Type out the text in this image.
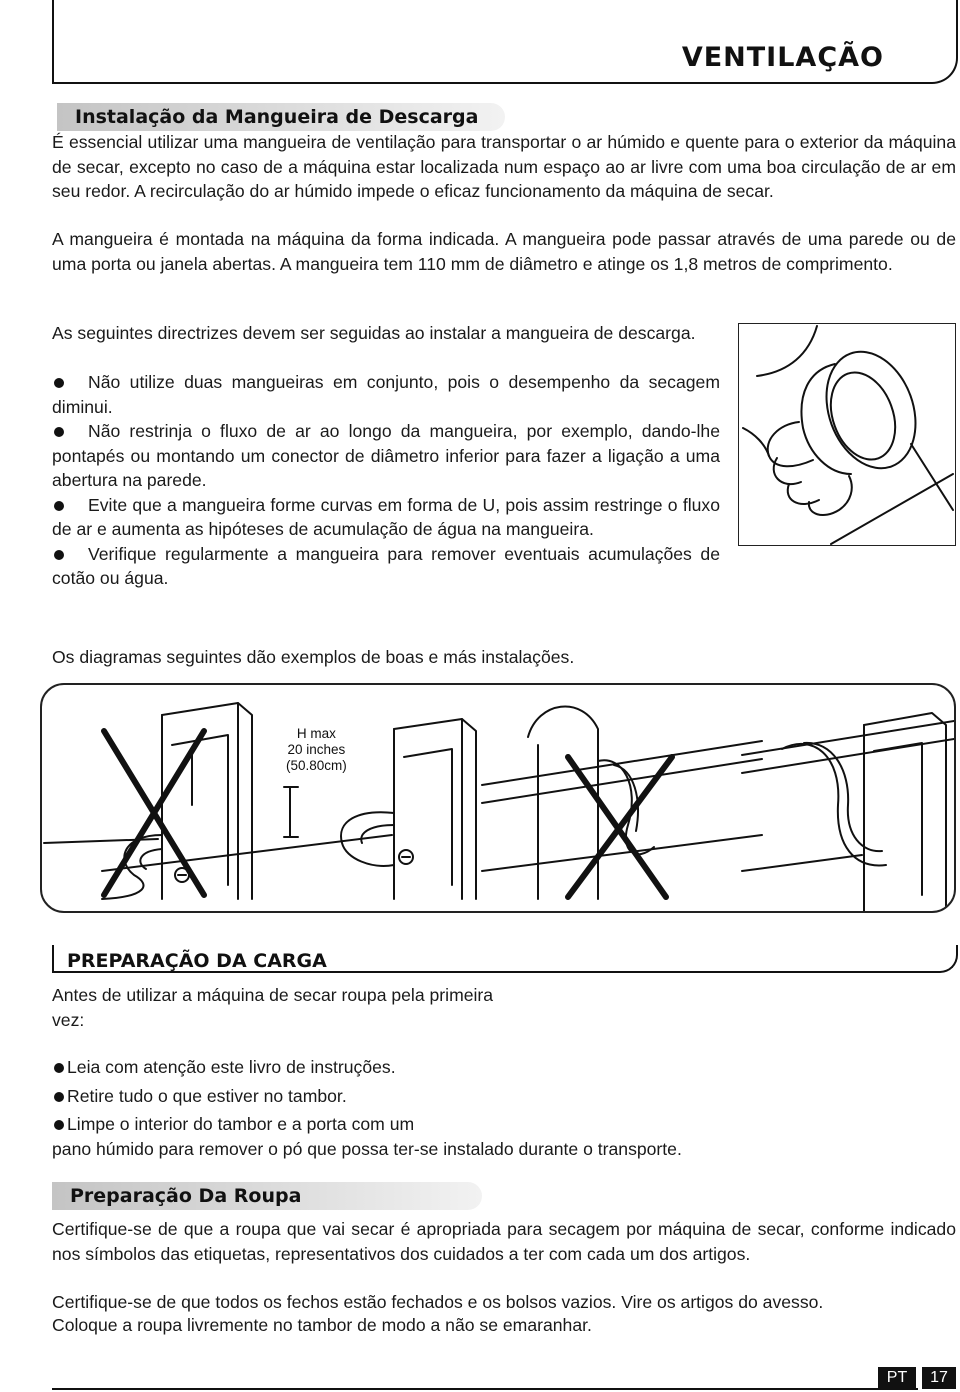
VENTILAÇÃO
Instalação da Mangueira de Descarga

É essencial utilizar uma mangueira de ventilação para transportar o ar húmido e quente para o exterior da máquina de secar, excepto no caso de a máquina estar localizada num espaço ao ar livre com uma boa circulação de ar em seu redor. A recirculação do ar húmido impede o eficaz funcionamento da máquina de secar.

A mangueira é montada na máquina da forma indicada. A mangueira pode passar através de uma parede ou de uma porta ou janela abertas. A mangueira tem 110 mm de diâmetro e atinge os 1,8 metros de comprimento.

As seguintes directrizes devem ser seguidas ao instalar a mangueira de descarga.

Não utilize duas mangueiras em conjunto, pois o desempenho da secagem diminui.
Não restrinja o fluxo de ar ao longo da mangueira, por exemplo, dando-lhe pontapés ou montando um conector de diâmetro inferior para fazer a ligação a uma abertura na parede.
Evite que a mangueira forme curvas em forma de U, pois assim restringe o fluxo de ar e aumenta as hipóteses de acumulação de água na mangueira.
Verifique regularmente a mangueira para remover eventuais acumulações de cotão ou água.

Os diagramas seguintes dão exemplos de boas e más instalações.

H max
20 inches
(50.80cm)
PREPARAÇÃO DA CARGA

Antes de utilizar a máquina de secar roupa pela primeira vez:

Leia com atenção este livro de instruções.
Retire tudo o que estiver no tambor.
Limpe o interior do tambor e a porta com um

pano húmido para remover o pó que possa ter-se instalado durante o transporte.

Preparação Da Roupa

Certifique-se de que a roupa que vai secar é apropriada para secagem por máquina de secar, conforme indicado nos símbolos das etiquetas, representativos dos cuidados a ter com cada um dos artigos.

Certifique-se de que todos os fechos estão fechados e os bolsos vazios. Vire os artigos do avesso.

Coloque a roupa livremente no tambor de modo a não se emaranhar.

PT	17
